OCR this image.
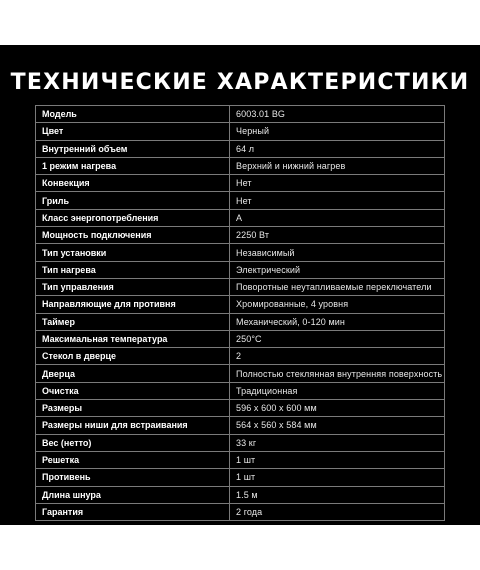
ТЕХНИЧЕСКИЕ ХАРАКТЕРИСТИКИ
Модель	6003.01 BG
Цвет	Черный
Внутренний объем	64 л
1 режим нагрева	Верхний и нижний нагрев
Конвекция	Нет
Гриль	Нет
Класс энергопотребления	А
Мощность подключения	2250 Вт
Тип установки	Независимый
Тип нагрева	Электрический
Тип управления	Поворотные неутапливаемые переключатели
Направляющие для противня	Хромированные, 4 уровня
Таймер	Механический, 0-120 мин
Максимальная температура	250°С
Стекол в дверце	2
Дверца	Полностью стеклянная внутренняя поверхность
Очистка	Традиционная
Размеры	596 х 600 х 600 мм
Размеры ниши для встраивания	564 х 560 х 584 мм
Вес (нетто)	33 кг
Решетка	1 шт
Противень	1 шт
Длина шнура	1.5 м
Гарантия	2 года
